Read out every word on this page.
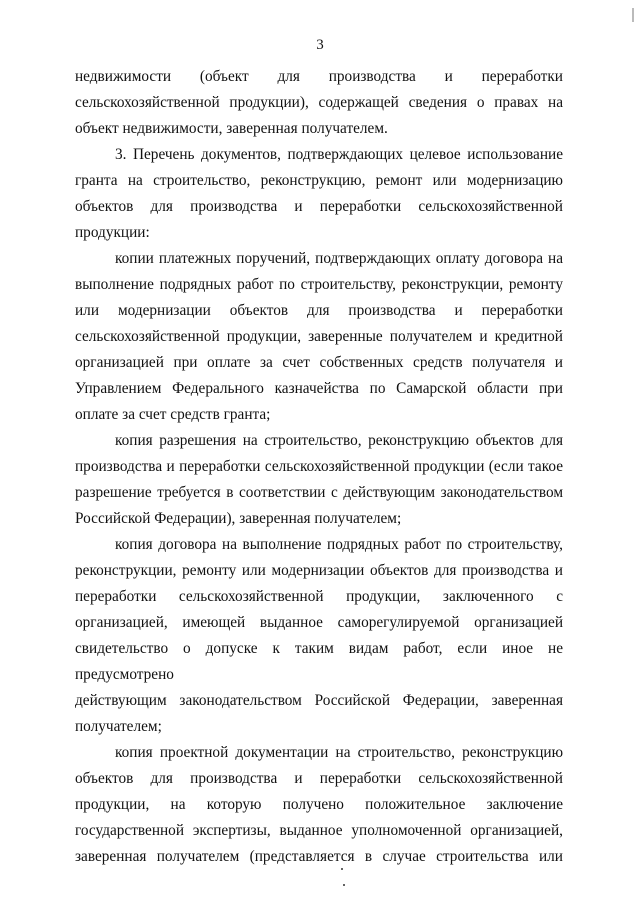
3
недвижимости (объект для производства и переработки
сельскохозяйственной продукции), содержащей сведения о правах на
объект недвижимости, заверенная получателем.
3. Перечень документов, подтверждающих целевое использование
гранта на строительство, реконструкцию, ремонт или модернизацию
объектов для производства и переработки сельскохозяйственной
продукции:
копии платежных поручений, подтверждающих оплату договора на
выполнение подрядных работ по строительству, реконструкции, ремонту
или модернизации объектов для производства и переработки
сельскохозяйственной продукции, заверенные получателем и кредитной
организацией при оплате за счет собственных средств получателя и
Управлением Федерального казначейства по Самарской области при
оплате за счет средств гранта;
копия разрешения на строительство, реконструкцию объектов для
производства и переработки сельскохозяйственной продукции (если такое
разрешение требуется в соответствии с действующим законодательством
Российской Федерации), заверенная получателем;
копия договора на выполнение подрядных работ по строительству,
реконструкции, ремонту или модернизации объектов для производства и
переработки сельскохозяйственной продукции, заключенного с
организацией, имеющей выданное саморегулируемой организацией
свидетельство о допуске к таким видам работ, если иное не предусмотрено
действующим законодательством Российской Федерации, заверенная
получателем;
копия проектной документации на строительство, реконструкцию
объектов для производства и переработки сельскохозяйственной
продукции, на которую получено положительное заключение
государственной экспертизы, выданное уполномоченной организацией,
заверенная получателем (представляется в случае строительства или
